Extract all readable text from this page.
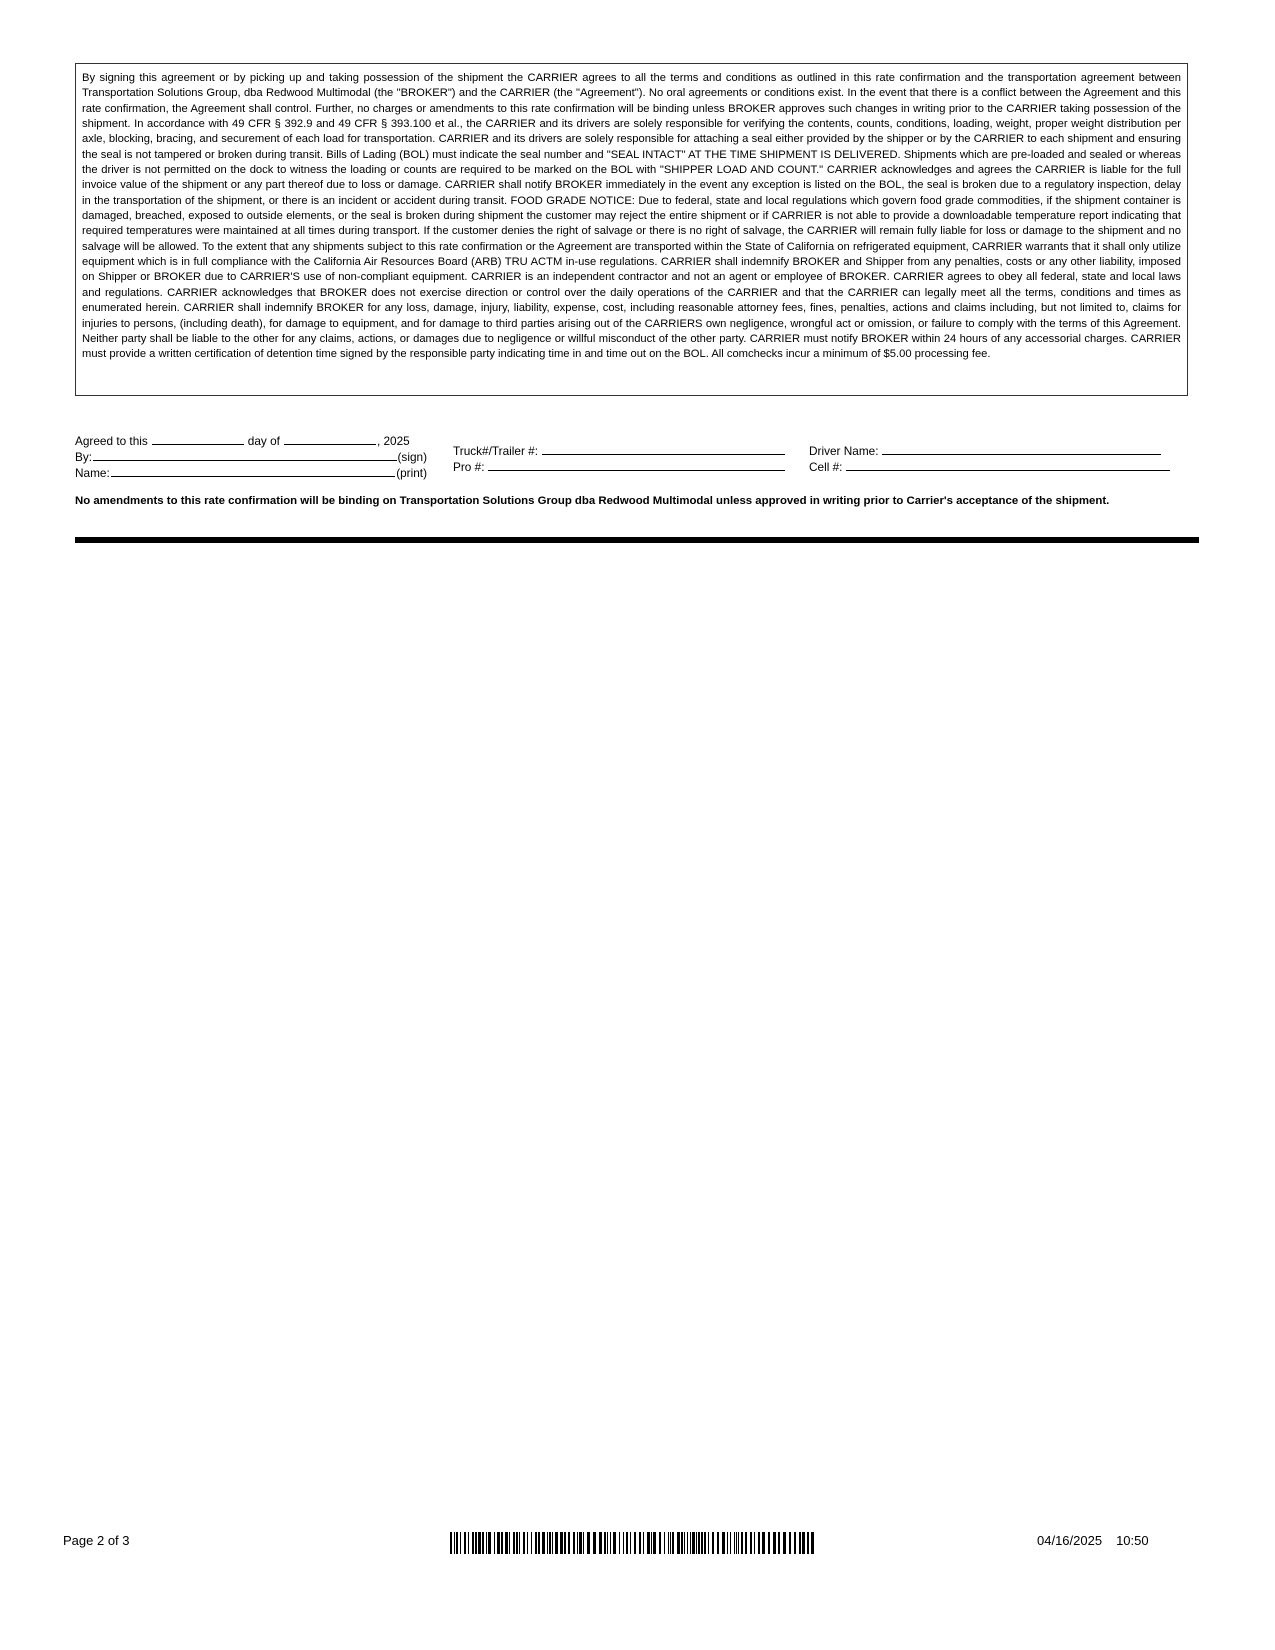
By signing this agreement or by picking up and taking possession of the shipment the CARRIER agrees to all the terms and conditions as outlined in this rate confirmation and the transportation agreement between Transportation Solutions Group, dba Redwood Multimodal (the "BROKER") and the CARRIER (the "Agreement"). No oral agreements or conditions exist. In the event that there is a conflict between the Agreement and this rate confirmation, the Agreement shall control. Further, no charges or amendments to this rate confirmation will be binding unless BROKER approves such changes in writing prior to the CARRIER taking possession of the shipment. In accordance with 49 CFR § 392.9 and 49 CFR § 393.100 et al., the CARRIER and its drivers are solely responsible for verifying the contents, counts, conditions, loading, weight, proper weight distribution per axle, blocking, bracing, and securement of each load for transportation. CARRIER and its drivers are solely responsible for attaching a seal either provided by the shipper or by the CARRIER to each shipment and ensuring the seal is not tampered or broken during transit. Bills of Lading (BOL) must indicate the seal number and "SEAL INTACT" AT THE TIME SHIPMENT IS DELIVERED. Shipments which are pre-loaded and sealed or whereas the driver is not permitted on the dock to witness the loading or counts are required to be marked on the BOL with "SHIPPER LOAD AND COUNT." CARRIER acknowledges and agrees the CARRIER is liable for the full invoice value of the shipment or any part thereof due to loss or damage. CARRIER shall notify BROKER immediately in the event any exception is listed on the BOL, the seal is broken due to a regulatory inspection, delay in the transportation of the shipment, or there is an incident or accident during transit. FOOD GRADE NOTICE: Due to federal, state and local regulations which govern food grade commodities, if the shipment container is damaged, breached, exposed to outside elements, or the seal is broken during shipment the customer may reject the entire shipment or if CARRIER is not able to provide a downloadable temperature report indicating that required temperatures were maintained at all times during transport. If the customer denies the right of salvage or there is no right of salvage, the CARRIER will remain fully liable for loss or damage to the shipment and no salvage will be allowed. To the extent that any shipments subject to this rate confirmation or the Agreement are transported within the State of California on refrigerated equipment, CARRIER warrants that it shall only utilize equipment which is in full compliance with the California Air Resources Board (ARB) TRU ACTM in-use regulations. CARRIER shall indemnify BROKER and Shipper from any penalties, costs or any other liability, imposed on Shipper or BROKER due to CARRIER'S use of non-compliant equipment. CARRIER is an independent contractor and not an agent or employee of BROKER. CARRIER agrees to obey all federal, state and local laws and regulations. CARRIER acknowledges that BROKER does not exercise direction or control over the daily operations of the CARRIER and that the CARRIER can legally meet all the terms, conditions and times as enumerated herein. CARRIER shall indemnify BROKER for any loss, damage, injury, liability, expense, cost, including reasonable attorney fees, fines, penalties, actions and claims including, but not limited to, claims for injuries to persons, (including death), for damage to equipment, and for damage to third parties arising out of the CARRIERS own negligence, wrongful act or omission, or failure to comply with the terms of this Agreement. Neither party shall be liable to the other for any claims, actions, or damages due to negligence or willful misconduct of the other party. CARRIER must notify BROKER within 24 hours of any accessorial charges. CARRIER must provide a written certification of detention time signed by the responsible party indicating time in and time out on the BOL. All comchecks incur a minimum of $5.00 processing fee.
Agreed to this	day of	, 2025
By:	(sign)
Name:	(print)
Truck#/Trailer #:
Pro #:
Driver Name:
Cell #:
No amendments to this rate confirmation will be binding on Transportation Solutions Group dba Redwood Multimodal unless approved in writing prior to Carrier's acceptance of the shipment.
Page 2 of 3	04/16/2025 10:50
